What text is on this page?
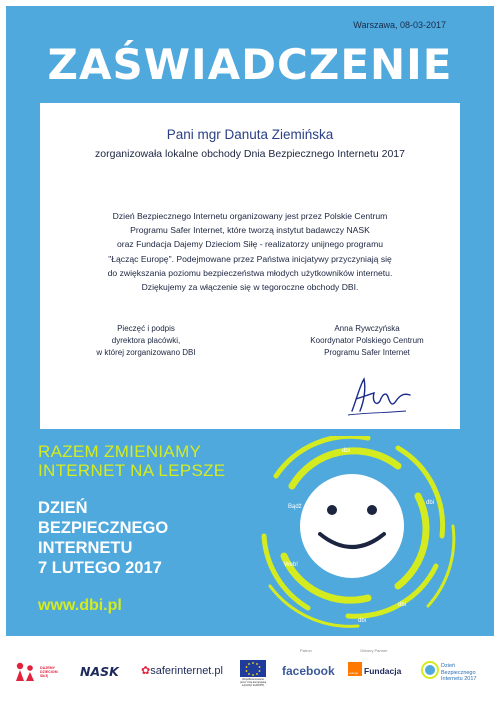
Warszawa, 08-03-2017
ZAŚWIADCZENIE
Pani mgr Danuta Ziemińska
zorganizowała lokalne obchody Dnia Bezpiecznego Internetu 2017
Dzień Bezpiecznego Internetu organizowany jest przez Polskie Centrum
Programu Safer Internet, które tworzą instytut badawczy NASK
oraz Fundacja Dajemy Dzieciom Siłę - realizatorzy unijnego programu
"Łącząc Europę". Podejmowane przez Państwa inicjatywy przyczyniają się
do zwiększania poziomu bezpieczeństwa młodych użytkowników internetu.
Dziękujemy za włączenie się w tegoroczne obchody DBI.
Pieczęć i podpis
dyrektora placówki,
w której zorganizowano DBI
Anna Rywczyńska
Koordynator Polskiego Centrum
Programu Safer Internet
RAZEM ZMIENIAMY
INTERNET NA LEPSZE
DZIEŃ
BEZPIECZNEGO
INTERNETU
7 LUTEGO 2017
www.dbi.pl
dbi
dbi
Bądź
Web!
dbi
dbi
Patron	Główny Partner
DAJEMY
DZIECIOM
SIŁĘ	NASK ✿saferinternet.pl
Współfinansowane
przez Unię Europejską
ŁĄCZĄC EUROPĘ
facebook	orange Fundacja	Dzień
Bezpiecznego
Internetu 2017
